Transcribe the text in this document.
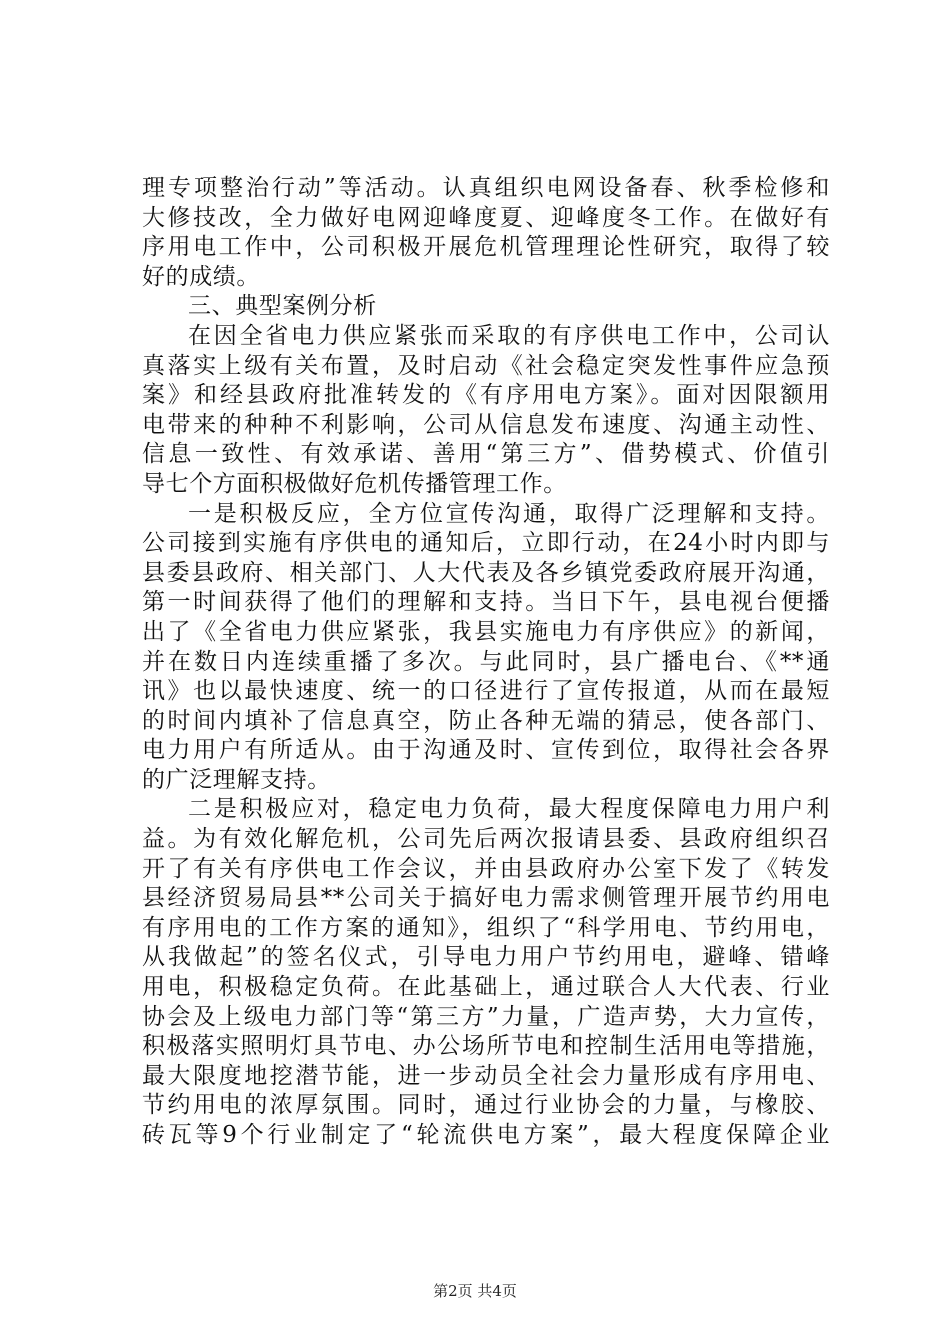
理专项整治行动”等活动。认真组织电网设备春、秋季检修和
大修技改，全力做好电网迎峰度夏、迎峰度冬工作。在做好有
序用电工作中，公司积极开展危机管理理论性研究，取得了较
好的成绩。
三、典型案例分析
在因全省电力供应紧张而采取的有序供电工作中，公司认
真落实上级有关布置，及时启动《社会稳定突发性事件应急预
案》和经县政府批准转发的《有序用电方案》。面对因限额用
电带来的种种不利影响，公司从信息发布速度、沟通主动性、
信息一致性、有效承诺、善用“第三方”、借势模式、价值引
导七个方面积极做好危机传播管理工作。
一是积极反应，全方位宣传沟通，取得广泛理解和支持。
公司接到实施有序供电的通知后，立即行动，在24小时内即与
县委县政府、相关部门、人大代表及各乡镇党委政府展开沟通，
第一时间获得了他们的理解和支持。当日下午，县电视台便播
出了《全省电力供应紧张，我县实施电力有序供应》的新闻，
并在数日内连续重播了多次。与此同时，县广播电台、《**通
讯》也以最快速度、统一的口径进行了宣传报道，从而在最短
的时间内填补了信息真空，防止各种无端的猜忌，使各部门、
电力用户有所适从。由于沟通及时、宣传到位，取得社会各界
的广泛理解支持。
二是积极应对，稳定电力负荷，最大程度保障电力用户利
益。为有效化解危机，公司先后两次报请县委、县政府组织召
开了有关有序供电工作会议，并由县政府办公室下发了《转发
县经济贸易局县**公司关于搞好电力需求侧管理开展节约用电
有序用电的工作方案的通知》，组织了“科学用电、节约用电，
从我做起”的签名仪式，引导电力用户节约用电，避峰、错峰
用电，积极稳定负荷。在此基础上，通过联合人大代表、行业
协会及上级电力部门等“第三方”力量，广造声势，大力宣传，
积极落实照明灯具节电、办公场所节电和控制生活用电等措施，
最大限度地挖潜节能，进一步动员全社会力量形成有序用电、
节约用电的浓厚氛围。同时，通过行业协会的力量，与橡胶、
砖瓦等9个行业制定了“轮流供电方案”，最大程度保障企业
第2页 共4页
